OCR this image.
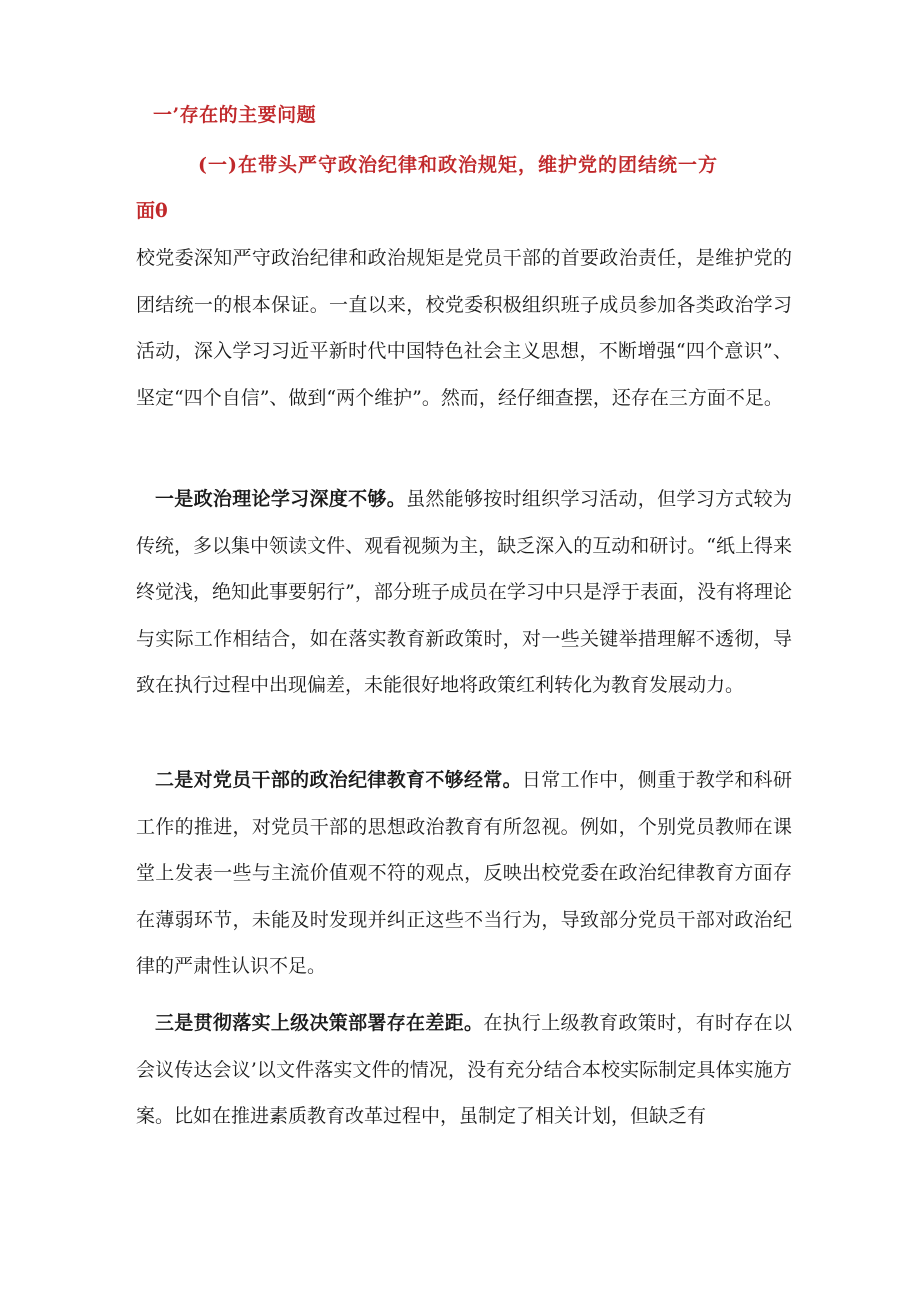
一’存在的主要问题
(一)在带头严守政治纪律和政治规矩，维护党的团结统一方
面θ

校党委深知严守政治纪律和政治规矩是党员干部的首要政治责任，是维护党的团结统一的根本保证。一直以来，校党委积极组织班子成员参加各类政治学习活动，深入学习习近平新时代中国特色社会主义思想，不断增强“四个意识”、坚定“四个自信”、做到“两个维护”。然而，经仔细查摆，还存在三方面不足。

一是政治理论学习深度不够。虽然能够按时组织学习活动，但学习方式较为传统，多以集中领读文件、观看视频为主，缺乏深入的互动和研讨。“纸上得来终觉浅，绝知此事要躬行”，部分班子成员在学习中只是浮于表面，没有将理论与实际工作相结合，如在落实教育新政策时，对一些关键举措理解不透彻，导致在执行过程中出现偏差，未能很好地将政策红利转化为教育发展动力。

二是对党员干部的政治纪律教育不够经常。日常工作中，侧重于教学和科研工作的推进，对党员干部的思想政治教育有所忽视。例如，个别党员教师在课堂上发表一些与主流价值观不符的观点，反映出校党委在政治纪律教育方面存在薄弱环节，未能及时发现并纠正这些不当行为，导致部分党员干部对政治纪律的严肃性认识不足。

三是贯彻落实上级决策部署存在差距。在执行上级教育政策时，有时存在以会议传达会议’以文件落实文件的情况，没有充分结合本校实际制定具体实施方案。比如在推进素质教育改革过程中，虽制定了相关计划，但缺乏有
